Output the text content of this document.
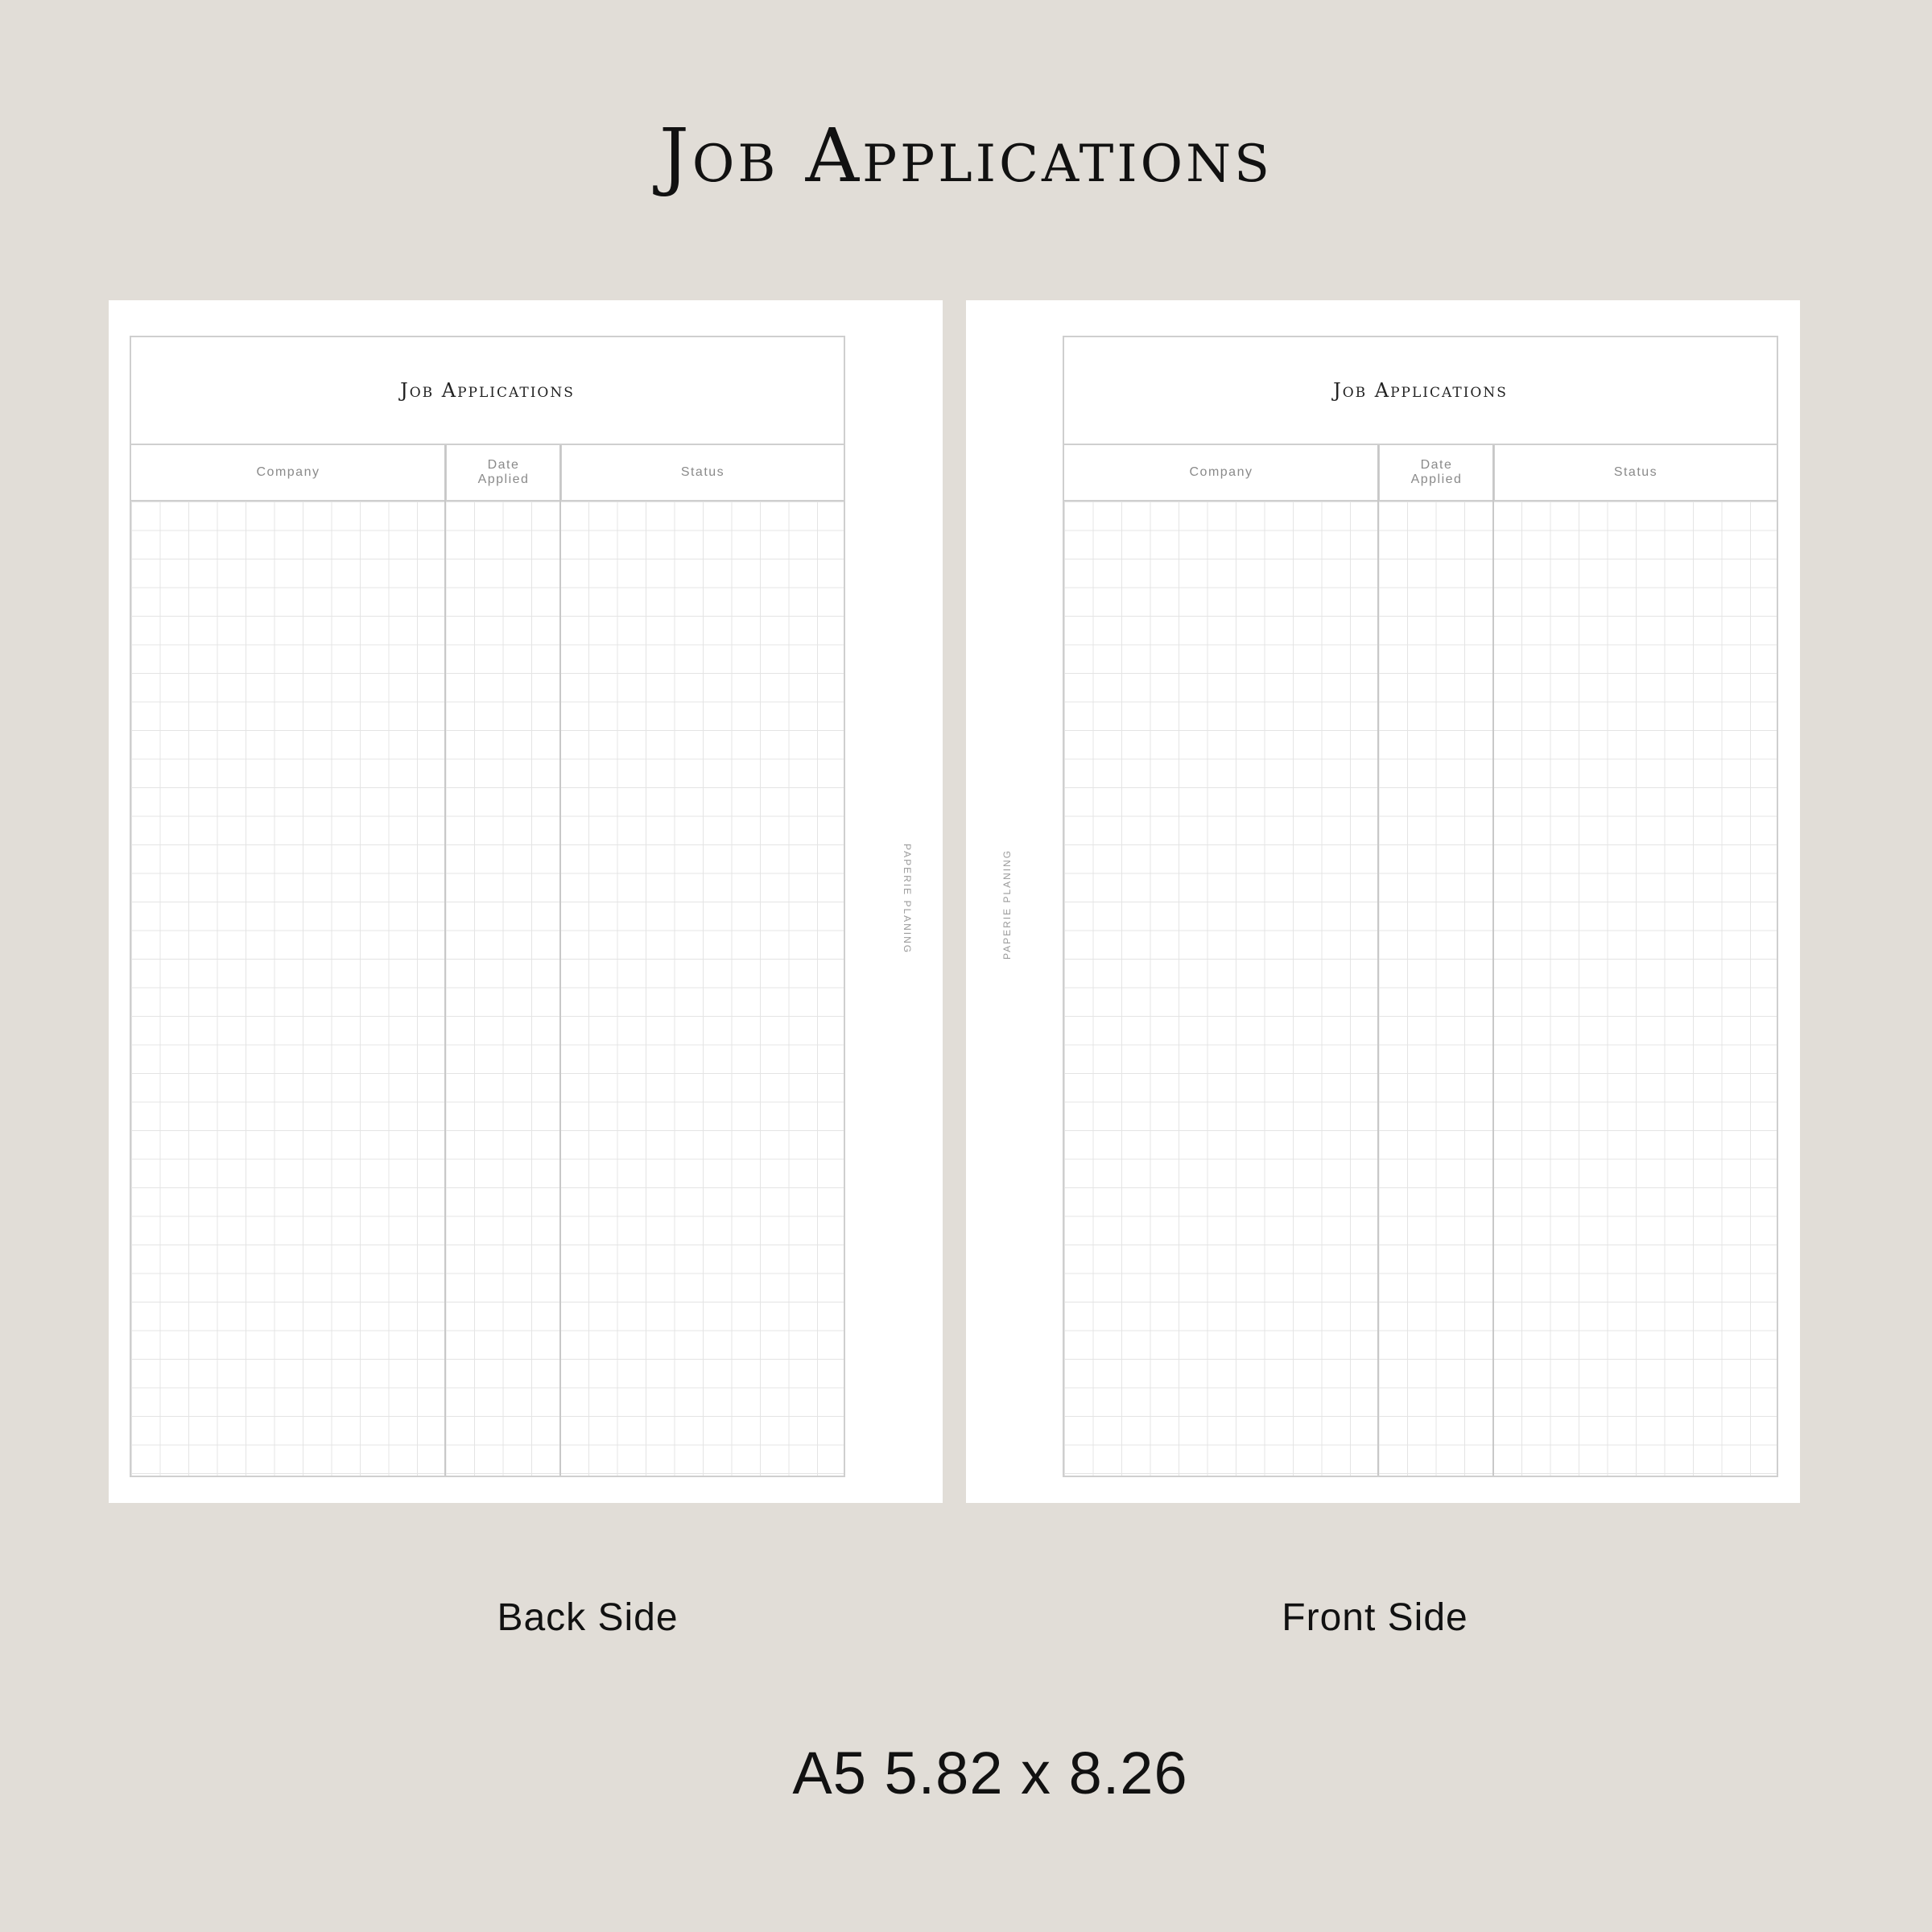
Job Applications
Job Applications
Company
Date
Applied
Status
PAPERIE PLANING
Job Applications
Company
Date
Applied
Status
PAPERIE PLANING
Back Side	Front Side
A5 5.82 x 8.26
